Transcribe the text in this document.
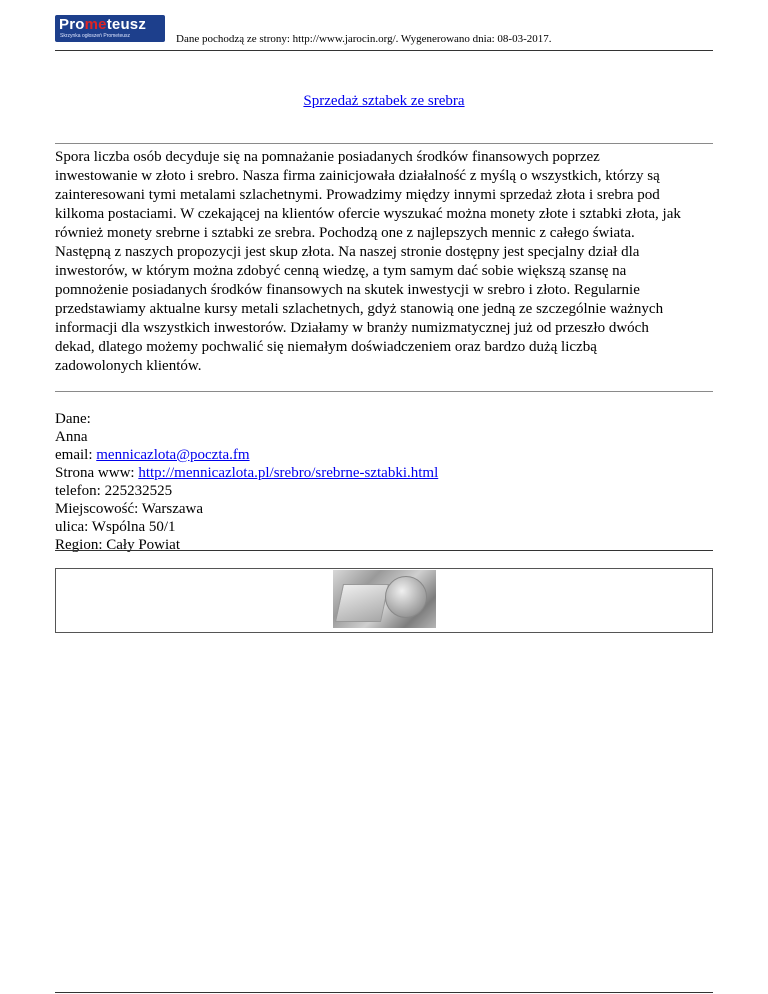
Prometeusz
Skrzynka ogłoszeń Prometeusz	Dane pochodzą ze strony: http://www.jarocin.org/. Wygenerowano dnia: 08-03-2017.
Sprzedaż sztabek ze srebra
Spora liczba osób decyduje się na pomnażanie posiadanych środków finansowych poprzez
inwestowanie w złoto i srebro. Nasza firma zainicjowała działalność z myślą o wszystkich, którzy są
zainteresowani tymi metalami szlachetnymi. Prowadzimy między innymi sprzedaż złota i srebra pod
kilkoma postaciami. W czekającej na klientów ofercie wyszukać można monety złote i sztabki złota, jak
również monety srebrne i sztabki ze srebra. Pochodzą one z najlepszych mennic z całego świata.
Następną z naszych propozycji jest skup złota. Na naszej stronie dostępny jest specjalny dział dla
inwestorów, w którym można zdobyć cenną wiedzę, a tym samym dać sobie większą szansę na
pomnożenie posiadanych środków finansowych na skutek inwestycji w srebro i złoto. Regularnie
przedstawiamy aktualne kursy metali szlachetnych, gdyż stanowią one jedną ze szczególnie ważnych
informacji dla wszystkich inwestorów. Działamy w branży numizmatycznej już od przeszło dwóch
dekad, dlatego możemy pochwalić się niemałym doświadczeniem oraz bardzo dużą liczbą
zadowolonych klientów.
Dane:
Anna
email: mennicazlota@poczta.fm
Strona www: http://mennicazlota.pl/srebro/srebrne-sztabki.html
telefon: 225232525
Miejscowość: Warszawa
ulica: Wspólna 50/1
Region: Cały Powiat
